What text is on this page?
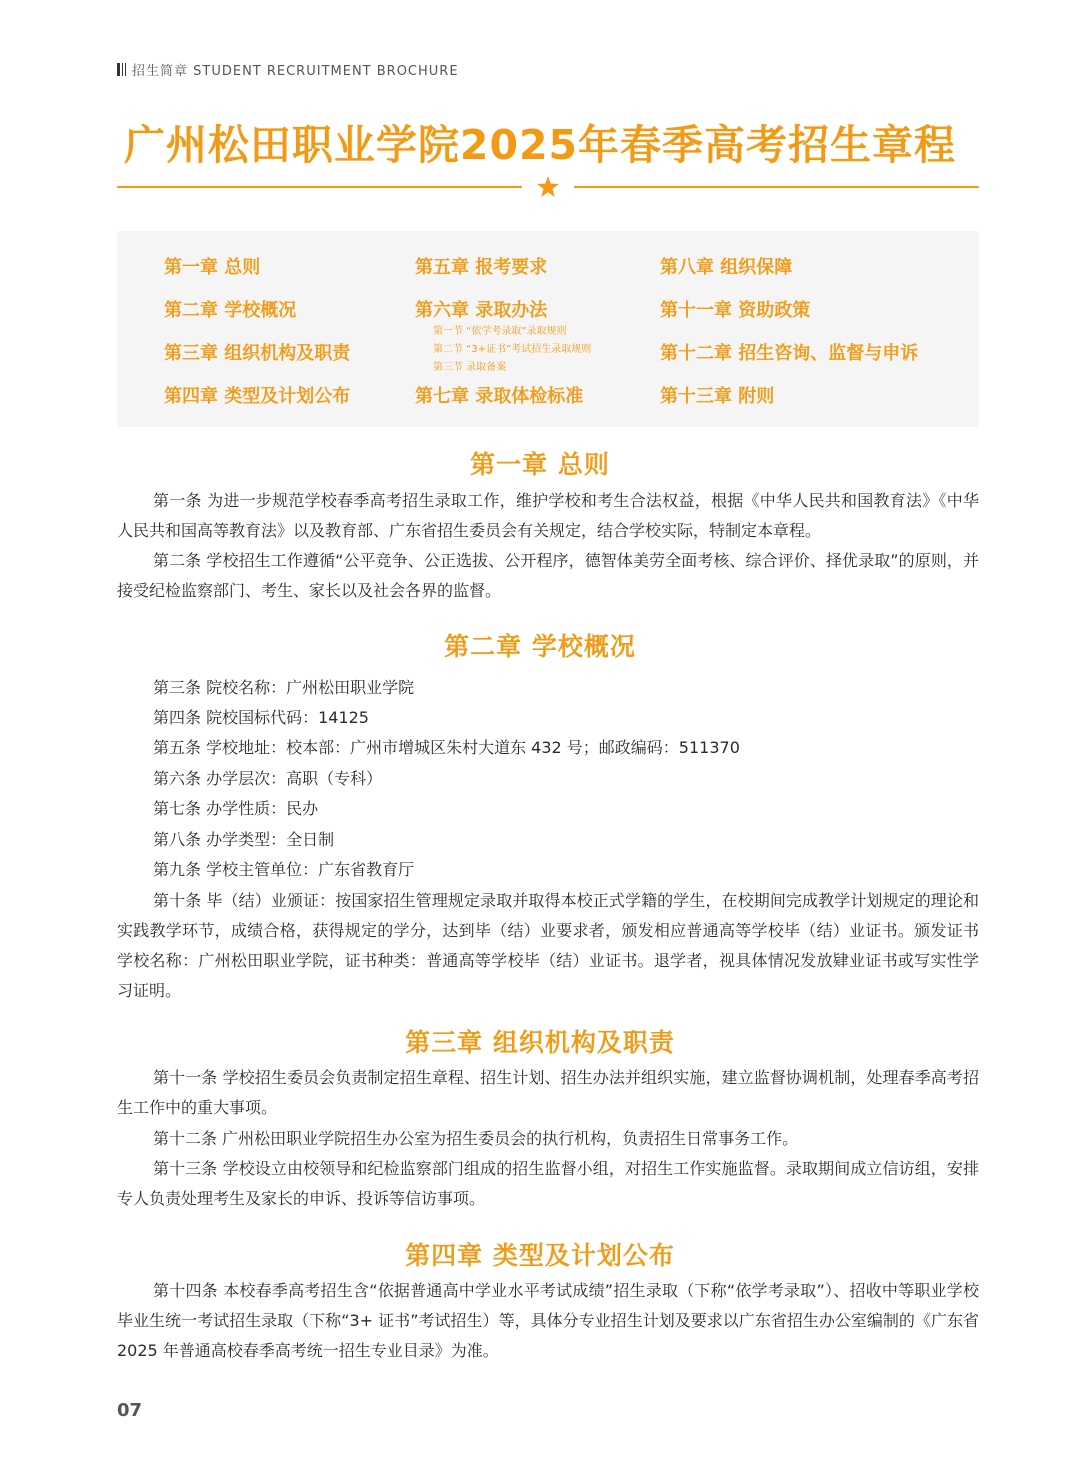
招生简章 STUDENT RECRUITMENT BROCHURE
广州松田职业学院2025年春季高考招生章程
第一章 总则
第二章 学校概况
第三章 组织机构及职责
第四章 类型及计划公布
第五章 报考要求
第六章 录取办法
第一节 “依学考录取”录取规则
第二节 “3+证书”考试招生录取规则
第三节 录取备案
第七章 录取体检标准
第八章 组织保障
第十一章 资助政策
第十二章 招生咨询、监督与申诉
第十三章 附则
第一章 总则
第一条 为进一步规范学校春季高考招生录取工作，维护学校和考生合法权益，根据《中华人民共和国教育法》《中华人民共和国高等教育法》以及教育部、广东省招生委员会有关规定，结合学校实际，特制定本章程。
第二条 学校招生工作遵循“公平竞争、公正选拔、公开程序，德智体美劳全面考核、综合评价、择优录取”的原则，并接受纪检监察部门、考生、家长以及社会各界的监督。
第二章 学校概况
第三条 院校名称：广州松田职业学院
第四条 院校国标代码：14125
第五条 学校地址：校本部：广州市增城区朱村大道东 432 号；邮政编码：511370
第六条 办学层次：高职（专科）
第七条 办学性质：民办
第八条 办学类型：全日制
第九条 学校主管单位：广东省教育厅
第十条 毕（结）业颁证：按国家招生管理规定录取并取得本校正式学籍的学生，在校期间完成教学计划规定的理论和实践教学环节，成绩合格，获得规定的学分，达到毕（结）业要求者，颁发相应普通高等学校毕（结）业证书。颁发证书学校名称：广州松田职业学院，证书种类：普通高等学校毕（结）业证书。退学者，视具体情况发放肄业证书或写实性学习证明。
第三章 组织机构及职责
第十一条 学校招生委员会负责制定招生章程、招生计划、招生办法并组织实施，建立监督协调机制，处理春季高考招生工作中的重大事项。
第十二条 广州松田职业学院招生办公室为招生委员会的执行机构，负责招生日常事务工作。
第十三条 学校设立由校领导和纪检监察部门组成的招生监督小组，对招生工作实施监督。录取期间成立信访组，安排专人负责处理考生及家长的申诉、投诉等信访事项。
第四章 类型及计划公布
第十四条 本校春季高考招生含“依据普通高中学业水平考试成绩”招生录取（下称“依学考录取”）、招收中等职业学校毕业生统一考试招生录取（下称“3+ 证书”考试招生）等，具体分专业招生计划及要求以广东省招生办公室编制的《广东省 2025 年普通高校春季高考统一招生专业目录》为准。
07
